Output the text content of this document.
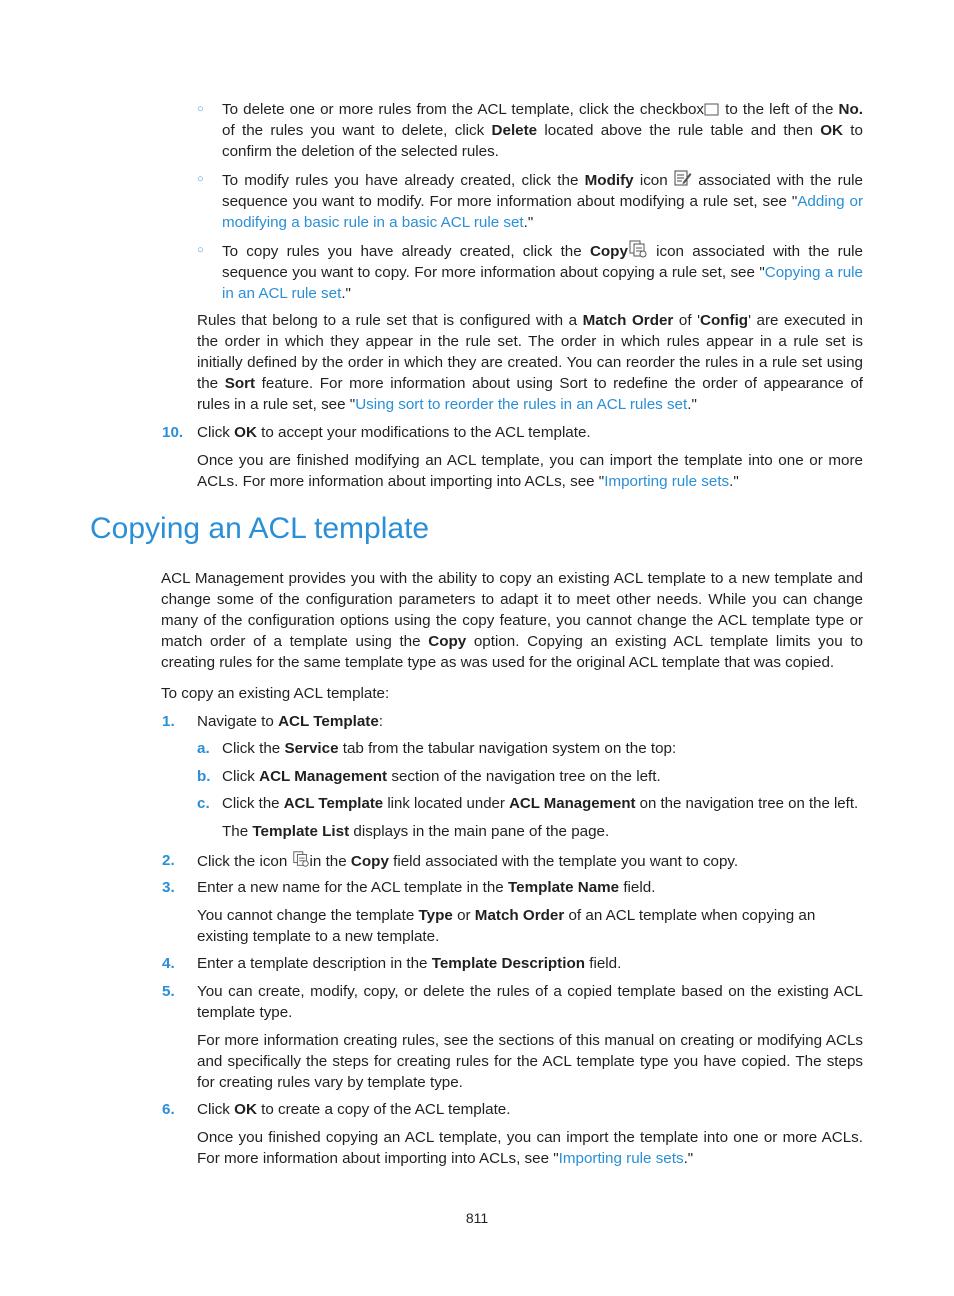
○ To delete one or more rules from the ACL template, click the checkbox to the left of the No. of the rules you want to delete, click Delete located above the rule table and then OK to confirm the deletion of the selected rules.

○ To modify rules you have already created, click the Modify icon  associated with the rule sequence you want to modify. For more information about modifying a rule set, see "Adding or modifying a basic rule in a basic ACL rule set."

○ To copy rules you have already created, click the Copy icon associated with the rule sequence you want to copy. For more information about copying a rule set, see "Copying a rule in an ACL rule set."

Rules that belong to a rule set that is configured with a Match Order of 'Config' are executed in the order in which they appear in the rule set. The order in which rules appear in a rule set is initially defined by the order in which they are created. You can reorder the rules in a rule set using the Sort feature. For more information about using Sort to redefine the order of appearance of rules in a rule set, see "Using sort to reorder the rules in an ACL rules set."

10. Click OK to accept your modifications to the ACL template.

Once you are finished modifying an ACL template, you can import the template into one or more ACLs. For more information about importing into ACLs, see "Importing rule sets."

Copying an ACL template

ACL Management provides you with the ability to copy an existing ACL template to a new template and change some of the configuration parameters to adapt it to meet other needs. While you can change many of the configuration options using the copy feature, you cannot change the ACL template type or match order of a template using the Copy option. Copying an existing ACL template limits you to creating rules for the same template type as was used for the original ACL template that was copied.

To copy an existing ACL template:

1. Navigate to ACL Template:

a. Click the Service tab from the tabular navigation system on the top:

b. Click ACL Management section of the navigation tree on the left.

c. Click the ACL Template link located under ACL Management on the navigation tree on the left.

The Template List displays in the main pane of the page.

2. Click the icon in the Copy field associated with the template you want to copy.

3. Enter a new name for the ACL template in the Template Name field.

You cannot change the template Type or Match Order of an ACL template when copying an existing template to a new template.

4. Enter a template description in the Template Description field.

5. You can create, modify, copy, or delete the rules of a copied template based on the existing ACL template type.

For more information creating rules, see the sections of this manual on creating or modifying ACLs and specifically the steps for creating rules for the ACL template type you have copied. The steps for creating rules vary by template type.

6. Click OK to create a copy of the ACL template.

Once you finished copying an ACL template, you can import the template into one or more ACLs. For more information about importing into ACLs, see "Importing rule sets."

811
